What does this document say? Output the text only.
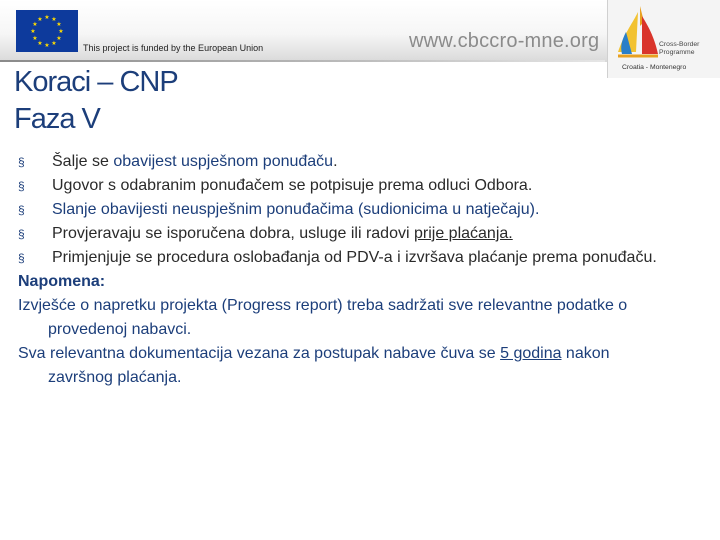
★ ★
★
★
★
★
★
★
★
★
★
★
This project is funded by the European Union	www.cbccro-mne.org	Cross-Border
Programme
Croatia - Montenegro
Koraci – CNP
Faza V
§ Šalje se obavijest uspješnom ponuđaču.
§ Ugovor s odabranim ponuđačem se potpisuje prema odluci Odbora.
§ Slanje obavijesti neuspješnim ponuđačima (sudionicima u natječaju).
§ Provjeravaju se isporučena dobra, usluge ili radovi prije plaćanja.
§ Primjenjuje se procedura oslobađanja od PDV-a i izvršava plaćanje prema ponuđaču.
Napomena:

Izvješće o napretku projekta (Progress report) treba sadržati sve relevantne podatke o provedenoj nabavci.

Sva relevantna dokumentacija vezana za postupak nabave čuva se 5 godina nakon završnog plaćanja.
